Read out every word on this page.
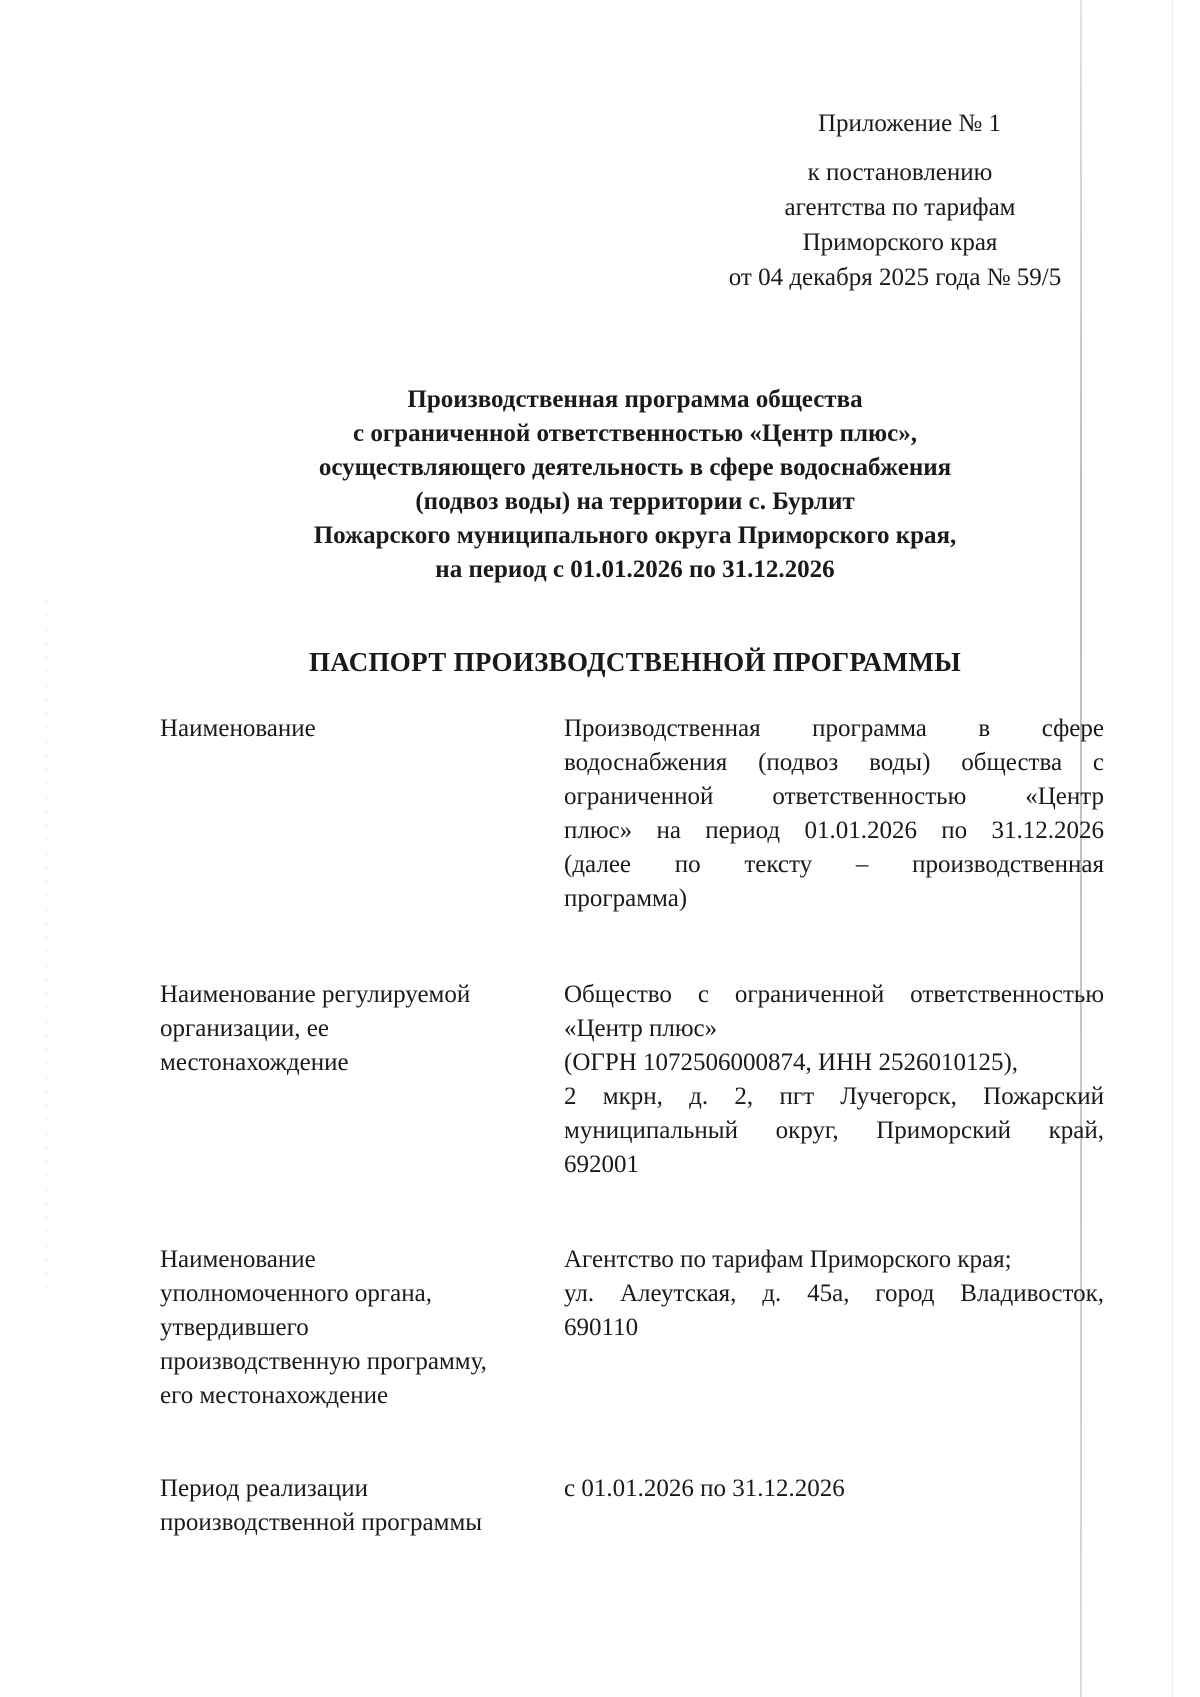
Приложение № 1
к постановлению
агентства по тарифам
Приморского края
от 04 декабря 2025 года № 59/5
Производственная программа общества
с ограниченной ответственностью «Центр плюс»,
осуществляющего деятельность в сфере водоснабжения
(подвоз воды) на территории с. Бурлит
Пожарского муниципального округа Приморского края,
на период с 01.01.2026 по 31.12.2026
ПАСПОРТ ПРОИЗВОДСТВЕННОЙ ПРОГРАММЫ
Наименование	Производственная программа в сфере
водоснабжения (подвоз воды) общества с
ограниченной ответственностью «Центр
плюс» на период 01.01.2026 по 31.12.2026
(далее по тексту – производственная
программа)
Наименование регулируемой
организации, ее
местонахождение
Общество с ограниченной ответственностью
«Центр плюс»
(ОГРН 1072506000874, ИНН 2526010125),
2 мкрн, д. 2, пгт Лучегорск, Пожарский
муниципальный округ, Приморский край,
692001
Наименование
уполномоченного органа,
утвердившего
производственную программу,
его местонахождение
Агентство по тарифам Приморского края;
ул. Алеутская, д. 45а, город Владивосток,
690110
Период реализации
производственной программы
с 01.01.2026 по 31.12.2026
